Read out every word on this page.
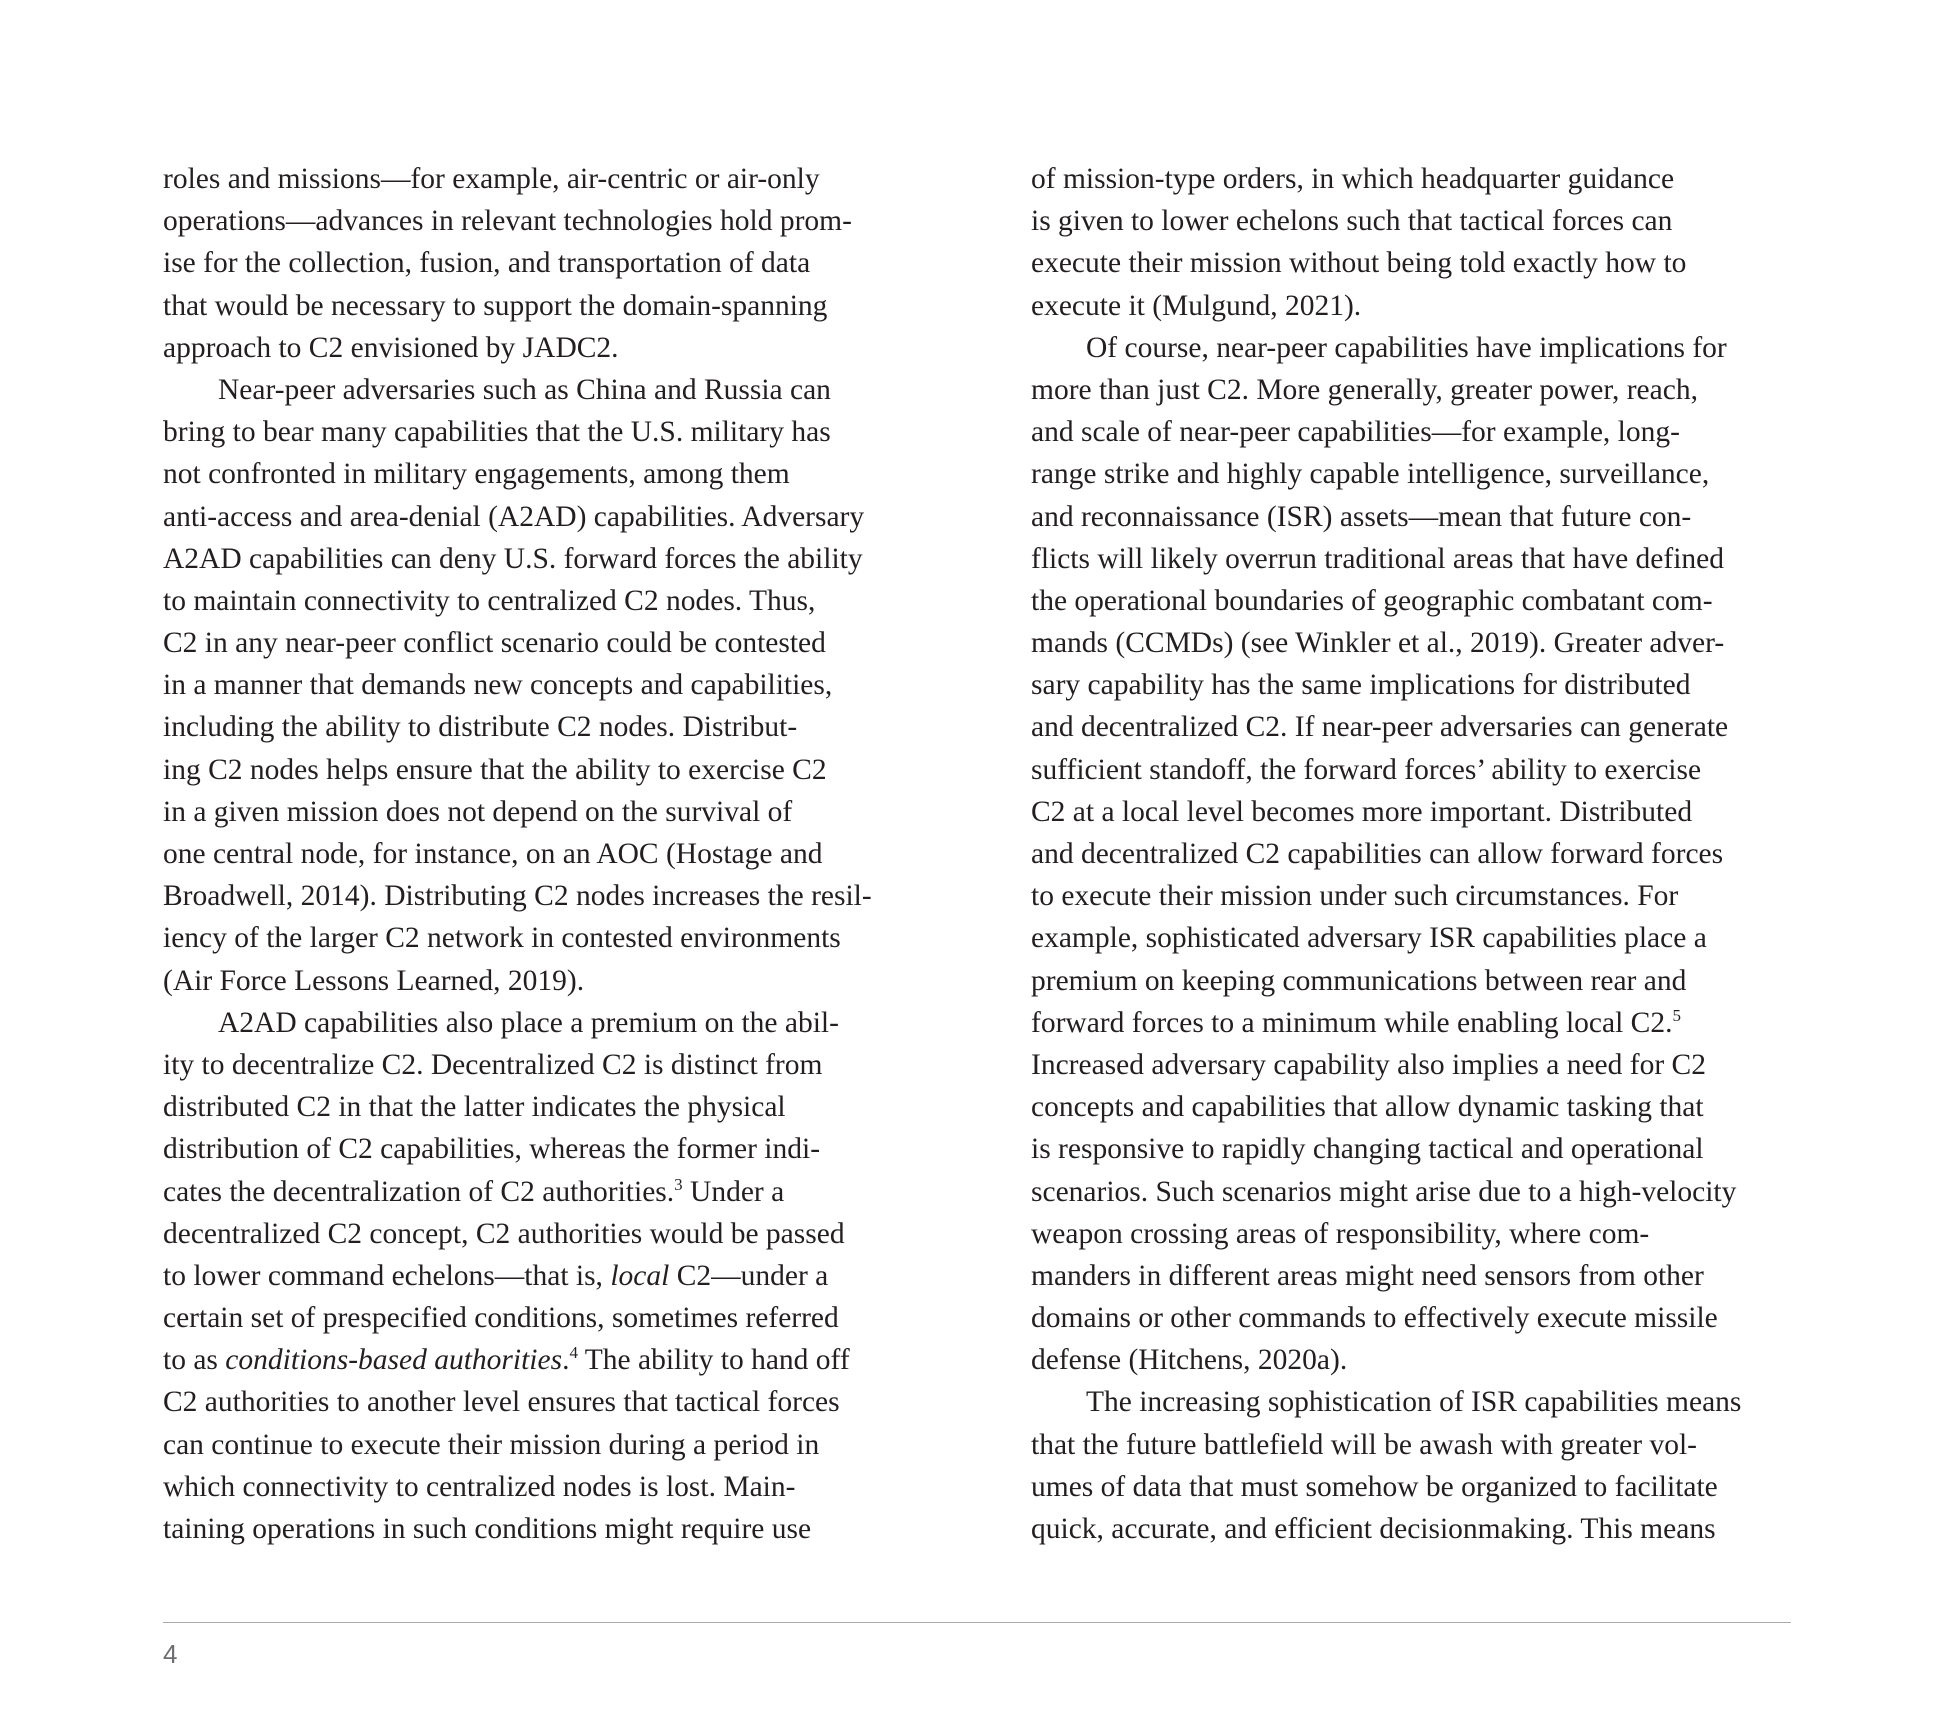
roles and missions—for example, air-centric or air-only
operations—advances in relevant technologies hold prom-
ise for the collection, fusion, and transportation of data
that would be necessary to support the domain-spanning
approach to C2 envisioned by JADC2.
Near-peer adversaries such as China and Russia can
bring to bear many capabilities that the U.S. military has
not confronted in military engagements, among them
anti-access and area-denial (A2AD) capabilities. Adversary
A2AD capabilities can deny U.S. forward forces the ability
to maintain connectivity to centralized C2 nodes. Thus,
C2 in any near-peer conflict scenario could be contested
in a manner that demands new concepts and capabilities,
including the ability to distribute C2 nodes. Distribut-
ing C2 nodes helps ensure that the ability to exercise C2
in a given mission does not depend on the survival of
one central node, for instance, on an AOC (Hostage and
Broadwell, 2014). Distributing C2 nodes increases the resil-
iency of the larger C2 network in contested environments
(Air Force Lessons Learned, 2019).
A2AD capabilities also place a premium on the abil-
ity to decentralize C2. Decentralized C2 is distinct from
distributed C2 in that the latter indicates the physical
distribution of C2 capabilities, whereas the former indi-
cates the decentralization of C2 authorities.$^3$ Under a
decentralized C2 concept, C2 authorities would be passed
to lower command echelons—that is, local C2—under a
certain set of prespecified conditions, sometimes referred
to as conditions-based authorities.$^4$ The ability to hand off
C2 authorities to another level ensures that tactical forces
can continue to execute their mission during a period in
which connectivity to centralized nodes is lost. Main-
taining operations in such conditions might require use
of mission-type orders, in which headquarter guidance
is given to lower echelons such that tactical forces can
execute their mission without being told exactly how to
execute it (Mulgund, 2021).
Of course, near-peer capabilities have implications for
more than just C2. More generally, greater power, reach,
and scale of near-peer capabilities—for example, long-
range strike and highly capable intelligence, surveillance,
and reconnaissance (ISR) assets—mean that future con-
flicts will likely overrun traditional areas that have defined
the operational boundaries of geographic combatant com-
mands (CCMDs) (see Winkler et al., 2019). Greater adver-
sary capability has the same implications for distributed
and decentralized C2. If near-peer adversaries can generate
sufficient standoff, the forward forces’ ability to exercise
C2 at a local level becomes more important. Distributed
and decentralized C2 capabilities can allow forward forces
to execute their mission under such circumstances. For
example, sophisticated adversary ISR capabilities place a
premium on keeping communications between rear and
forward forces to a minimum while enabling local C2.$^5$
Increased adversary capability also implies a need for C2
concepts and capabilities that allow dynamic tasking that
is responsive to rapidly changing tactical and operational
scenarios. Such scenarios might arise due to a high-velocity
weapon crossing areas of responsibility, where com-
manders in different areas might need sensors from other
domains or other commands to effectively execute missile
defense (Hitchens, 2020a).
The increasing sophistication of ISR capabilities means
that the future battlefield will be awash with greater vol-
umes of data that must somehow be organized to facilitate
quick, accurate, and efficient decisionmaking. This means
4
